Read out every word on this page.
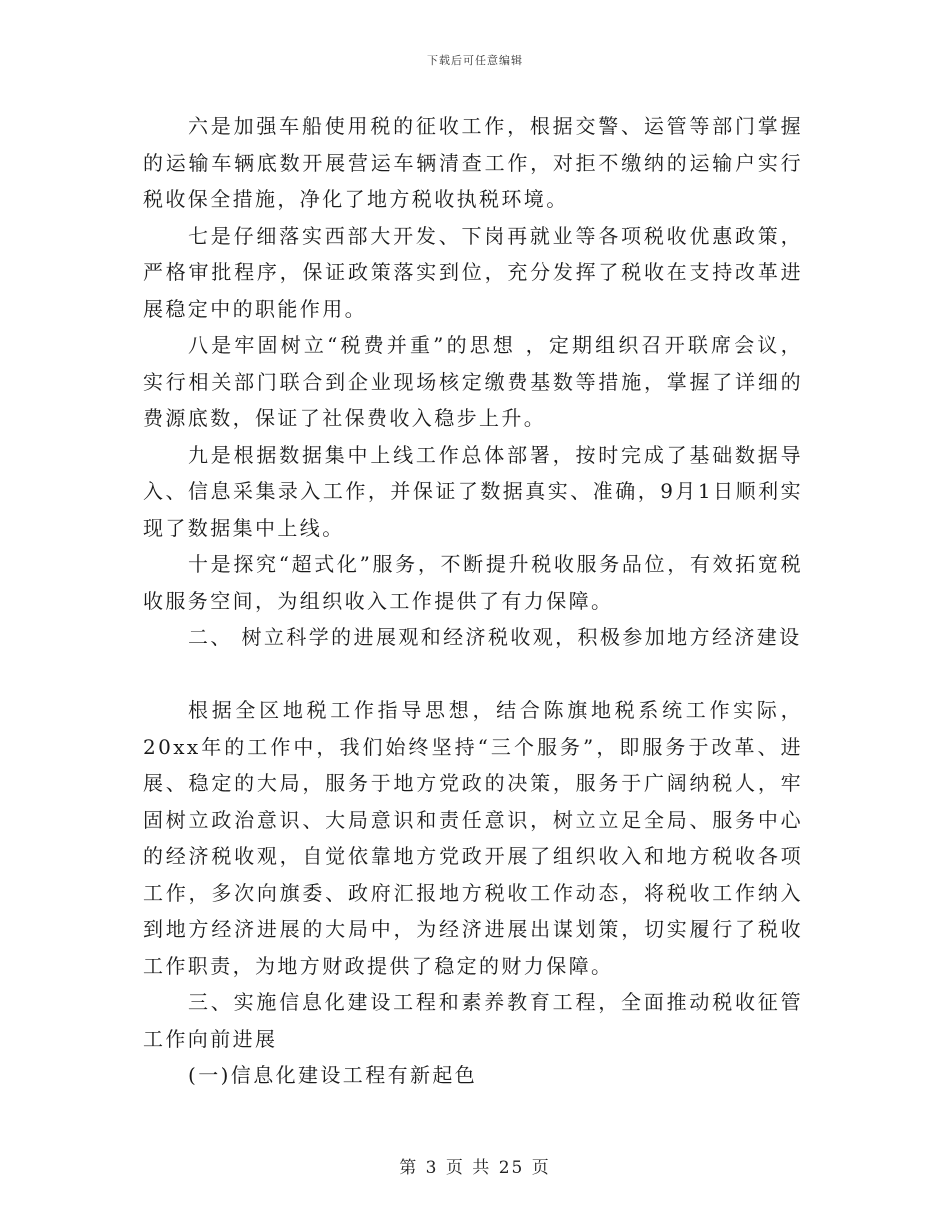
下载后可任意编辑

六是加强车船使用税的征收工作，根据交警、运管等部门掌握的运输车辆底数开展营运车辆清查工作，对拒不缴纳的运输户实行税收保全措施，净化了地方税收执税环境。

七是仔细落实西部大开发、下岗再就业等各项税收优惠政策，严格审批程序，保证政策落实到位，充分发挥了税收在支持改革进展稳定中的职能作用。

八是牢固树立“税费并重”的思想 ，定期组织召开联席会议，实行相关部门联合到企业现场核定缴费基数等措施，掌握了详细的费源底数，保证了社保费收入稳步上升。

九是根据数据集中上线工作总体部署，按时完成了基础数据导入、信息采集录入工作，并保证了数据真实、准确，9月1日顺利实现了数据集中上线。

十是探究“超式化”服务，不断提升税收服务品位，有效拓宽税收服务空间，为组织收入工作提供了有力保障。

二、 树立科学的进展观和经济税收观，积极参加地方经济建设

根据全区地税工作指导思想，结合陈旗地税系统工作实际，20xx年的工作中，我们始终坚持“三个服务”，即服务于改革、进展、稳定的大局，服务于地方党政的决策，服务于广阔纳税人，牢固树立政治意识、大局意识和责任意识，树立立足全局、服务中心的经济税收观，自觉依靠地方党政开展了组织收入和地方税收各项工作，多次向旗委、政府汇报地方税收工作动态，将税收工作纳入到地方经济进展的大局中，为经济进展出谋划策，切实履行了税收工作职责，为地方财政提供了稳定的财力保障。

三、实施信息化建设工程和素养教育工程，全面推动税收征管工作向前进展

(一)信息化建设工程有新起色

第 3 页 共 25 页
